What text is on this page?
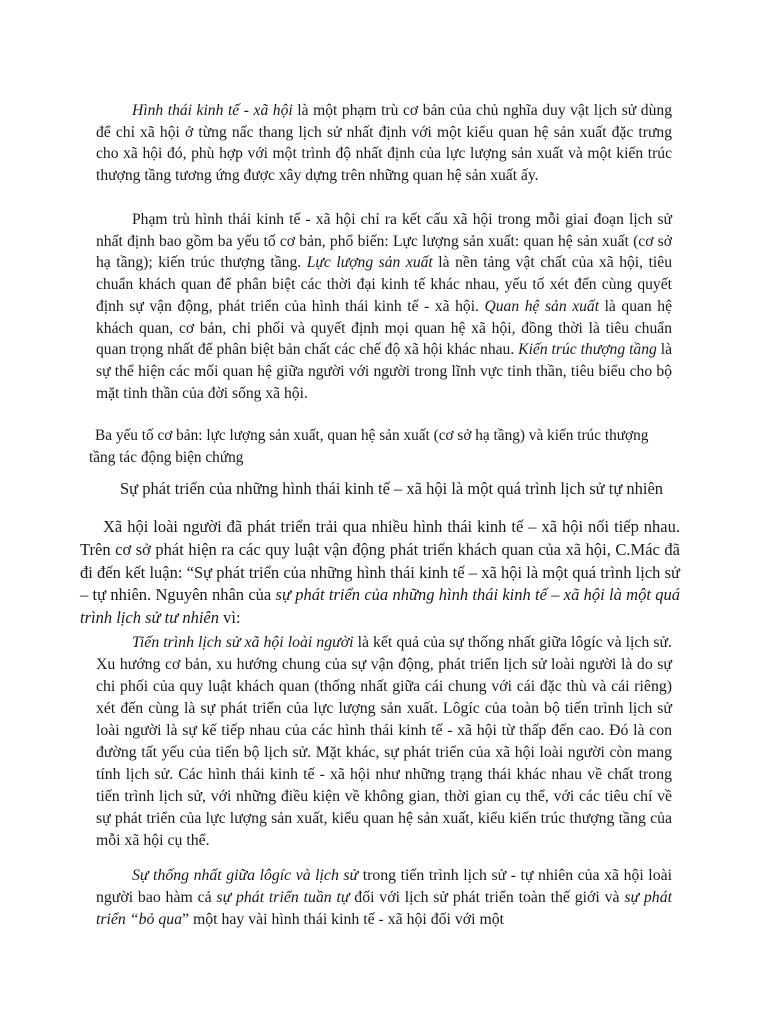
Hình thái kinh tế - xã hội là một phạm trù cơ bản của chủ nghĩa duy vật lịch sử dùng để chỉ xã hội ở từng nấc thang lịch sử nhất định với một kiểu quan hệ sản xuất đặc trưng cho xã hội đó, phù hợp với một trình độ nhất định của lực lượng sản xuất và một kiến trúc thượng tầng tương ứng được xây dựng trên những quan hệ sản xuất ấy.

Phạm trù hình thái kinh tế - xã hội chỉ ra kết cấu xã hội trong mỗi giai đoạn lịch sử nhất định bao gồm ba yếu tố cơ bản, phổ biến: Lực lượng sản xuất: quan hệ sản xuất (cơ sở hạ tầng); kiến trúc thượng tầng. Lực lượng sản xuất là nền tảng vật chất của xã hội, tiêu chuẩn khách quan để phân biệt các thời đại kinh tế khác nhau, yếu tố xét đến cùng quyết định sự vận động, phát triển của hình thái kinh tế - xã hội. Quan hệ sản xuất là quan hệ khách quan, cơ bản, chi phối và quyết định mọi quan hệ xã hội, đồng thời là tiêu chuẩn quan trọng nhất để phân biệt bản chất các chế độ xã hội khác nhau. Kiến trúc thượng tầng là sự thể hiện các mối quan hệ giữa người với người trong lĩnh vực tinh thần, tiêu biểu cho bộ mặt tinh thần của đời sống xã hội.

Ba yếu tố cơ bản: lực lượng sản xuất, quan hệ sản xuất (cơ sở hạ tầng) và kiến trúc thượng tầng tác động biện chứng

Sự phát triển của những hình thái kinh tế – xã hội là một quá trình lịch sử tự nhiên

Xã hội loài người đã phát triển trải qua nhiều hình thái kinh tế – xã hội nối tiếp nhau. Trên cơ sở phát hiện ra các quy luật vận động phát triển khách quan của xã hội, C.Mác đã đi đến kết luận: “Sự phát triển của những hình thái kinh tế – xã hội là một quá trình lịch sử – tự nhiên. Nguyên nhân của sự phát triển của những hình thái kinh tế – xã hội là một quá trình lịch sử tư nhiên vì:

Tiến trình lịch sử xã hội loài người là kết quả của sự thống nhất giữa lôgíc và lịch sử. Xu hướng cơ bản, xu hướng chung của sự vận động, phát triển lịch sử loài người là do sự chi phối của quy luật khách quan (thống nhất giữa cái chung với cái đặc thù và cái riêng) xét đến cùng là sự phát triển của lực lượng sản xuất. Lôgíc của toàn bộ tiến trình lịch sử loài người là sự kế tiếp nhau của các hình thái kinh tế - xã hội từ thấp đến cao. Đó là con đường tất yếu của tiến bộ lịch sử. Mặt khác, sự phát triển của xã hội loài người còn mang tính lịch sử. Các hình thái kinh tế - xã hội như những trạng thái khác nhau về chất trong tiến trình lịch sử, với những điều kiện về không gian, thời gian cụ thể, với các tiêu chí về sự phát triển của lực lượng sản xuất, kiểu quan hệ sản xuất, kiểu kiến trúc thượng tầng của mỗi xã hội cụ thể.

Sự thống nhất giữa lôgíc và lịch sử trong tiến trình lịch sử - tự nhiên của xã hội loài người bao hàm cả sự phát triển tuần tự đối với lịch sử phát triển toàn thế giới và sự phát triển “bỏ qua” một hay vài hình thái kinh tế - xã hội đối với một
